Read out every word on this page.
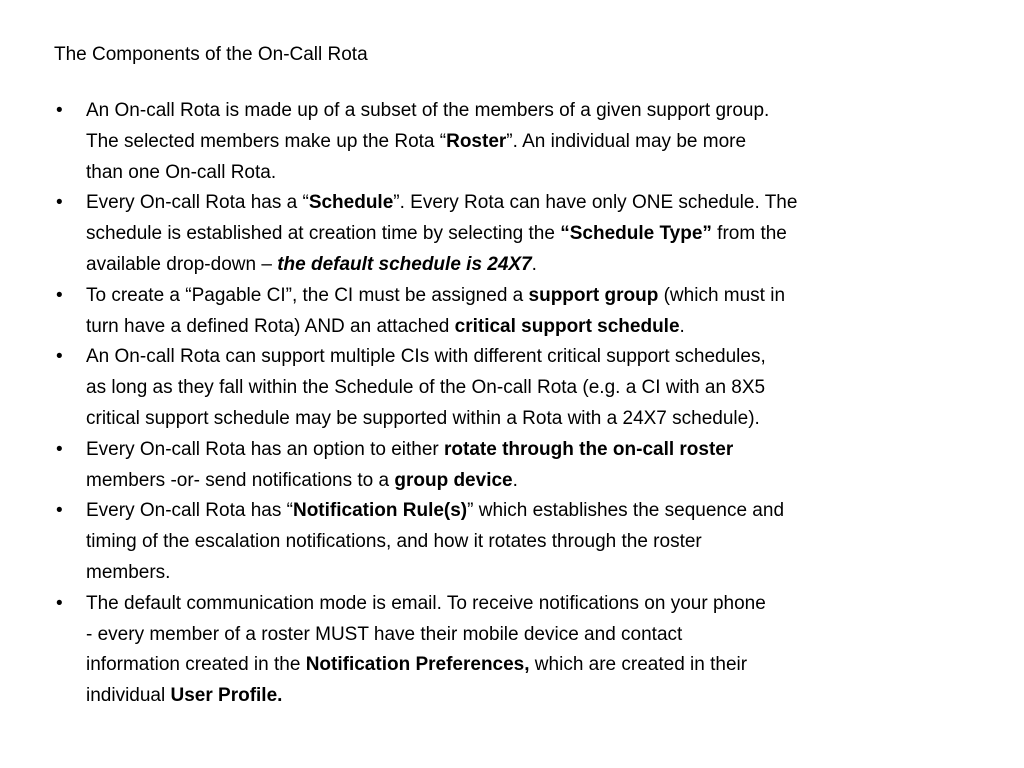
The Components of the On-Call Rota
•	An On-call Rota is made up of a subset of the members of a given support group.
The selected members make up the Rota “Roster”. An individual may be more
than one On-call Rota.
•	Every On-call Rota has a “Schedule”. Every Rota can have only ONE schedule. The
schedule is established at creation time by selecting the “Schedule Type” from the
available drop-down – the default schedule is 24X7.
•	To create a “Pagable CI”, the CI must be assigned a support group (which must in
turn have a defined Rota) AND an attached critical support schedule.
•	An On-call Rota can support multiple CIs with different critical support schedules,
as long as they fall within the Schedule of the On-call Rota (e.g. a CI with an 8X5
critical support schedule may be supported within a Rota with a 24X7 schedule).
•	Every On-call Rota has an option to either rotate through the on-call roster
members -or- send notifications to a group device.
•	Every On-call Rota has “Notification Rule(s)” which establishes the sequence and
timing of the escalation notifications, and how it rotates through the roster
members.
•	The default communication mode is email. To receive notifications on your phone
- every member of a roster MUST have their mobile device and contact
information created in the Notification Preferences, which are created in their
individual User Profile.
